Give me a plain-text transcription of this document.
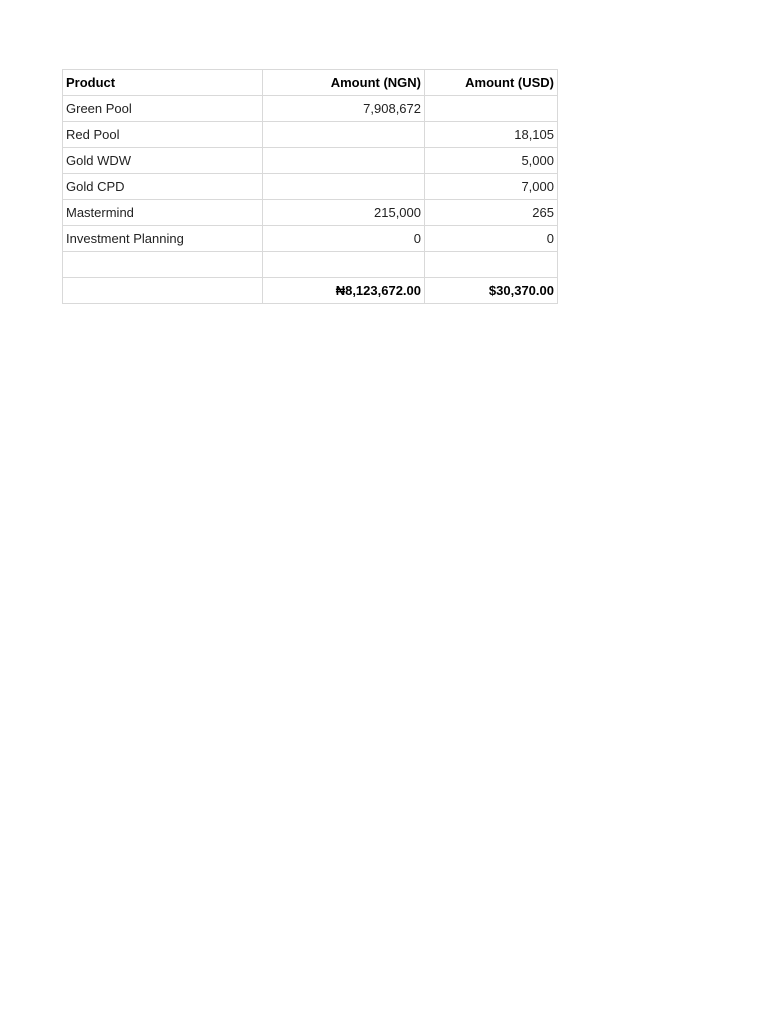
Product	Amount (NGN)	Amount (USD)
Green Pool	7,908,672	
Red Pool		18,105
Gold WDW		5,000
Gold CPD		7,000
Mastermind	215,000	265
Investment Planning	0	0

	₦8,123,672.00	$30,370.00
